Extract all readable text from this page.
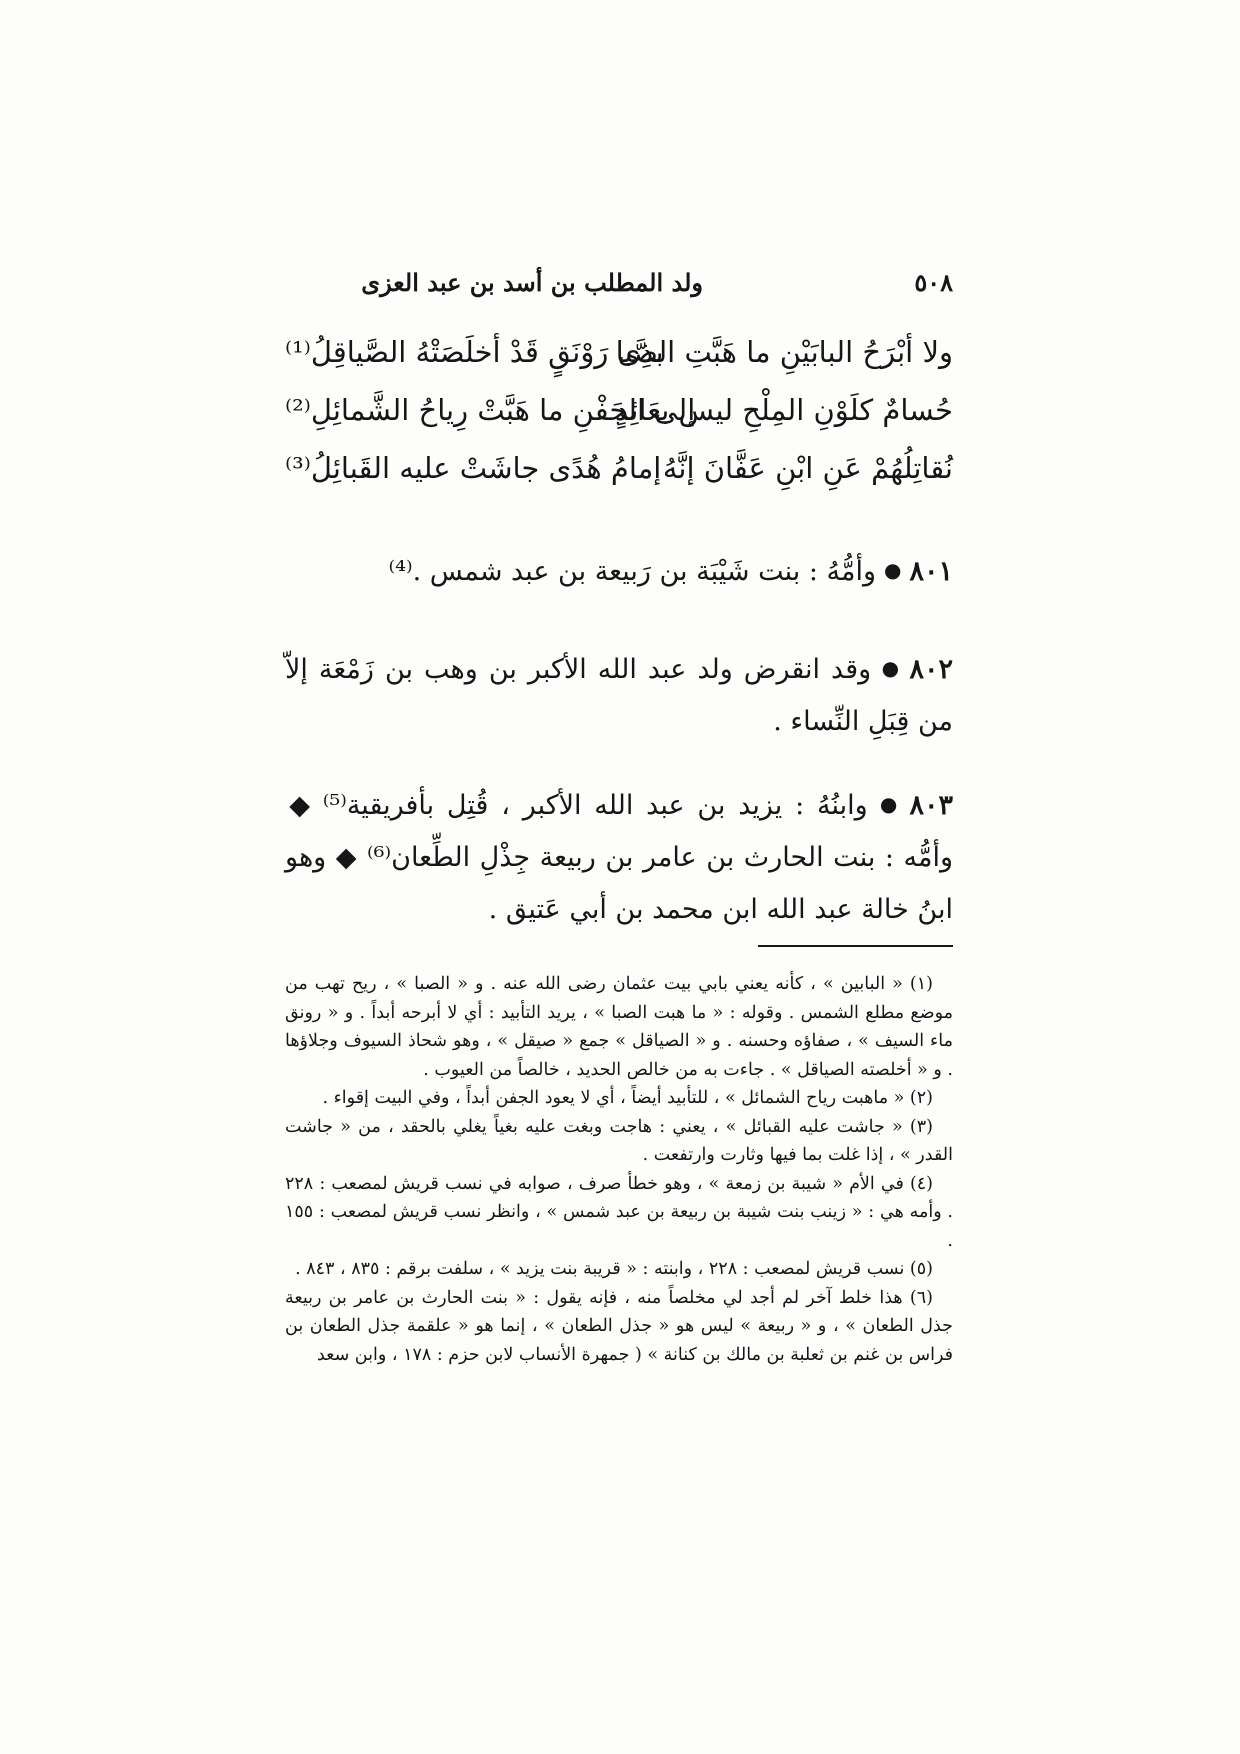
٥٠٨
ولد المطلب بن أسد بن عبد العزى
ولا أبْرَحُ البابَيْنِ ما هَبَّتِ الصَّبا
بذِى رَوْنَقٍ قَدْ أخلَصَتْهُ الصَّياقِلُ⁽¹⁾
حُسامٌ كلَوْنِ المِلْحِ ليس بعَائِدٍ
إلى الجَفْنِ ما هَبَّتْ رِياحُ الشَّمائِلِ⁽²⁾
نُقاتِلُهُمْ عَنِ ابْنِ عَفَّانَ إنَّهُ
إمامُ هُدًى جاشَتْ عليه القَبائِلُ⁽³⁾
٨٠١●وأمُّهُ : بنت شَيْبَة بن رَبيعة بن عبد شمس .⁽⁴⁾
٨٠٢●وقد انقرض ولد عبد الله الأكبر بن وهب بن زَمْعَة إلاّ من قِبَلِ النِّساء .
٨٠٣●وابنُهُ : يزيد بن عبد الله الأكبر ، قُتِل بأفريقية⁽⁵⁾ ◆ وأمُّه : بنت الحارث بن عامر بن ربيعة جِذْلِ الطِّعان⁽⁶⁾ ◆ وهو ابنُ خالة عبد الله ابن محمد بن أبي عَتيق .

(١) « البابين » ، كأنه يعني بابي بيت عثمان رضى الله عنه . و « الصبا » ، ريح تهب من موضع مطلع الشمس . وقوله : « ما هبت الصبا » ، يريد التأبيد : أي لا أبرحه أبداً . و « رونق ماء السيف » ، صفاؤه وحسنه . و « الصياقل » جمع « صيقل » ، وهو شحاذ السيوف وجلاؤها . و « أخلصته الصياقل » . جاءت به من خالص الحديد ، خالصاً من العيوب .

(٢) « ماهبت رياح الشمائل » ، للتأبيد أيضاً ، أي لا يعود الجفن أبداً ، وفي البيت إقواء .

(٣) « جاشت عليه القبائل » ، يعني : هاجت وبغت عليه بغياً يغلي بالحقد ، من « جاشت القدر » ، إذا غلت بما فيها وثارت وارتفعت .

(٤) في الأم « شيبة بن زمعة » ، وهو خطأ صرف ، صوابه في نسب قريش لمصعب : ٢٢٨ . وأمه هي : « زينب بنت شيبة بن ربيعة بن عبد شمس » ، وانظر نسب قريش لمصعب : ١٥٥ .

(٥) نسب قريش لمصعب : ٢٢٨ ، وابنته : « قريبة بنت يزيد » ، سلفت برقم : ٨٣٥ ، ٨٤٣ .

(٦) هذا خلط آخر لم أجد لي مخلصاً منه ، فإنه يقول : « بنت الحارث بن عامر بن ربيعة جذل الطعان » ، و « ربيعة » ليس هو « جذل الطعان » ، إنما هو « علقمة جذل الطعان بن فراس بن غنم بن ثعلبة بن مالك بن كنانة » ( جمهرة الأنساب لابن حزم : ١٧٨ ، وابن سعد
